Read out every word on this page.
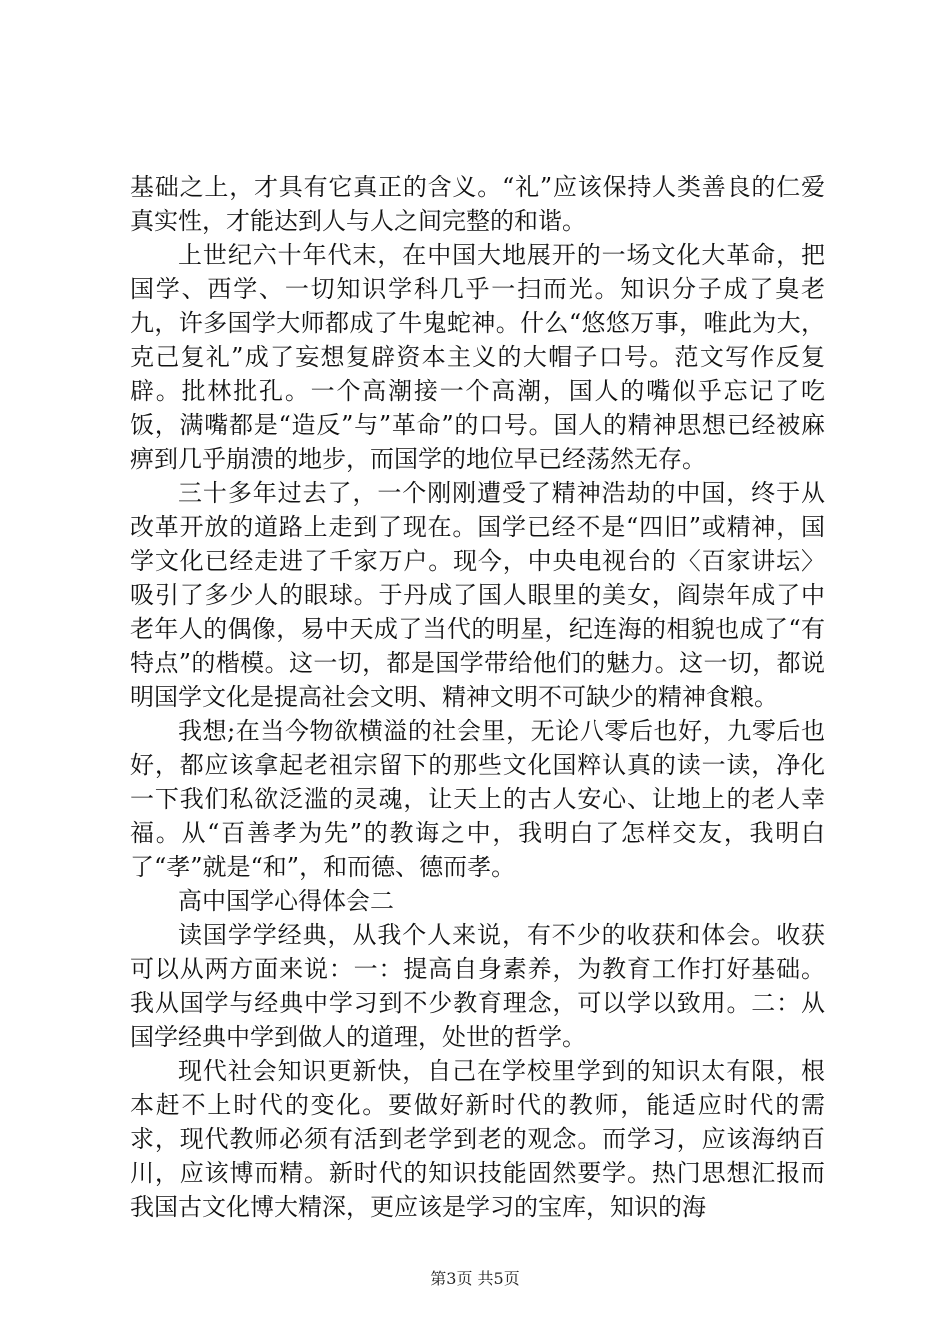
基础之上，才具有它真正的含义。“礼”应该保持人类善良的仁爱真实性，才能达到人与人之间完整的和谐。

上世纪六十年代末，在中国大地展开的一场文化大革命，把国学、西学、一切知识学科几乎一扫而光。知识分子成了臭老九，许多国学大师都成了牛鬼蛇神。什么“悠悠万事，唯此为大，克己复礼”成了妄想复辟资本主义的大帽子口号。范文写作反复辟。批林批孔。一个高潮接一个高潮，国人的嘴似乎忘记了吃饭，满嘴都是“造反”与”革命”的口号。国人的精神思想已经被麻痹到几乎崩溃的地步，而国学的地位早已经荡然无存。

三十多年过去了，一个刚刚遭受了精神浩劫的中国，终于从改革开放的道路上走到了现在。国学已经不是“四旧”或精神，国学文化已经走进了千家万户。现今，中央电视台的〈百家讲坛〉吸引了多少人的眼球。于丹成了国人眼里的美女，阎崇年成了中老年人的偶像，易中天成了当代的明星，纪连海的相貌也成了“有特点”的楷模。这一切，都是国学带给他们的魅力。这一切，都说明国学文化是提高社会文明、精神文明不可缺少的精神食粮。

我想;在当今物欲横溢的社会里，无论八零后也好，九零后也好，都应该拿起老祖宗留下的那些文化国粹认真的读一读，净化一下我们私欲泛滥的灵魂，让天上的古人安心、让地上的老人幸福。从“百善孝为先”的教诲之中，我明白了怎样交友，我明白了“孝”就是“和”，和而德、德而孝。

高中国学心得体会二

读国学学经典，从我个人来说，有不少的收获和体会。收获可以从两方面来说：一：提高自身素养，为教育工作打好基础。我从国学与经典中学习到不少教育理念，可以学以致用。二：从国学经典中学到做人的道理，处世的哲学。

现代社会知识更新快，自己在学校里学到的知识太有限，根本赶不上时代的变化。要做好新时代的教师，能适应时代的需求，现代教师必须有活到老学到老的观念。而学习，应该海纳百川，应该博而精。新时代的知识技能固然要学。热门思想汇报而我国古文化博大精深，更应该是学习的宝库，知识的海

第3页 共5页
